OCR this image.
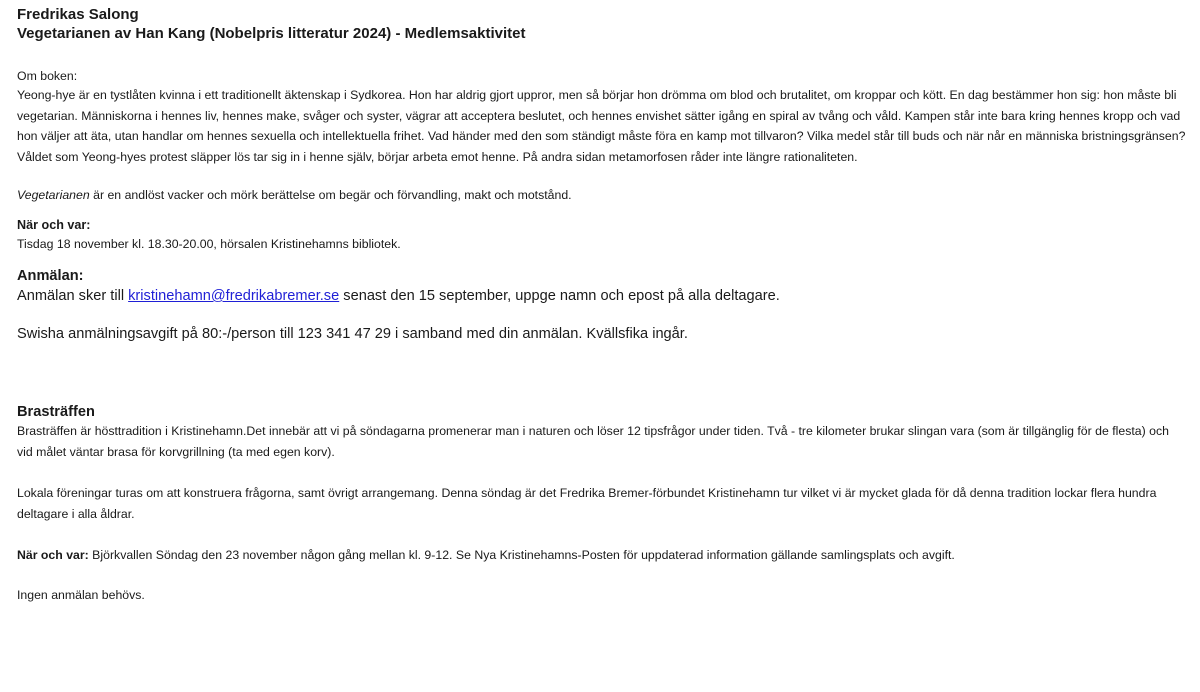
Fredrikas Salong

Vegetarianen av Han Kang (Nobelpris litteratur 2024) - Medlemsaktivitet

Om boken:

Yeong-hye är en tystlåten kvinna i ett traditionellt äktenskap i Sydkorea. Hon har aldrig gjort uppror, men så börjar hon drömma om blod och brutalitet, om kroppar och kött. En dag bestämmer hon sig: hon måste bli vegetarian. Människorna i hennes liv, hennes make, svåger och syster, vägrar att acceptera beslutet, och hennes envishet sätter igång en spiral av tvång och våld. Kampen står inte bara kring hennes kropp och vad hon väljer att äta, utan handlar om hennes sexuella och intellektuella frihet. Vad händer med den som ständigt måste föra en kamp mot tillvaron? Vilka medel står till buds och när når en människa bristningsgränsen? Våldet som Yeong-hyes protest släpper lös tar sig in i henne själv, börjar arbeta emot henne. På andra sidan metamorfosen råder inte längre rationaliteten.

Vegetarianen är en andlöst vacker och mörk berättelse om begär och förvandling, makt och motstånd.

När och var:

Tisdag 18 november kl. 18.30-20.00, hörsalen Kristinehamns bibliotek.

Anmälan:

Anmälan sker till kristinehamn@fredrikabremer.se senast den 15 september, uppge namn och epost på alla deltagare.

Swisha anmälningsavgift på 80:-/person till 123 341 47 29 i samband med din anmälan. Kvällsfika ingår.

Brasträffen

Brasträffen är hösttradition i Kristinehamn.Det innebär att vi på söndagarna promenerar man i naturen och löser 12 tipsfrågor under tiden. Två - tre kilometer brukar slingan vara (som är tillgänglig för de flesta) och vid målet väntar brasa för korvgrillning (ta med egen korv).

Lokala föreningar turas om att konstruera frågorna, samt övrigt arrangemang. Denna söndag är det Fredrika Bremer-förbundet Kristinehamn tur vilket vi är mycket glada för då denna tradition lockar flera hundra deltagare i alla åldrar.

När och var: Björkvallen Söndag den 23 november någon gång mellan kl. 9-12. Se Nya Kristinehamns-Posten för uppdaterad information gällande samlingsplats och avgift.

Ingen anmälan behövs.
